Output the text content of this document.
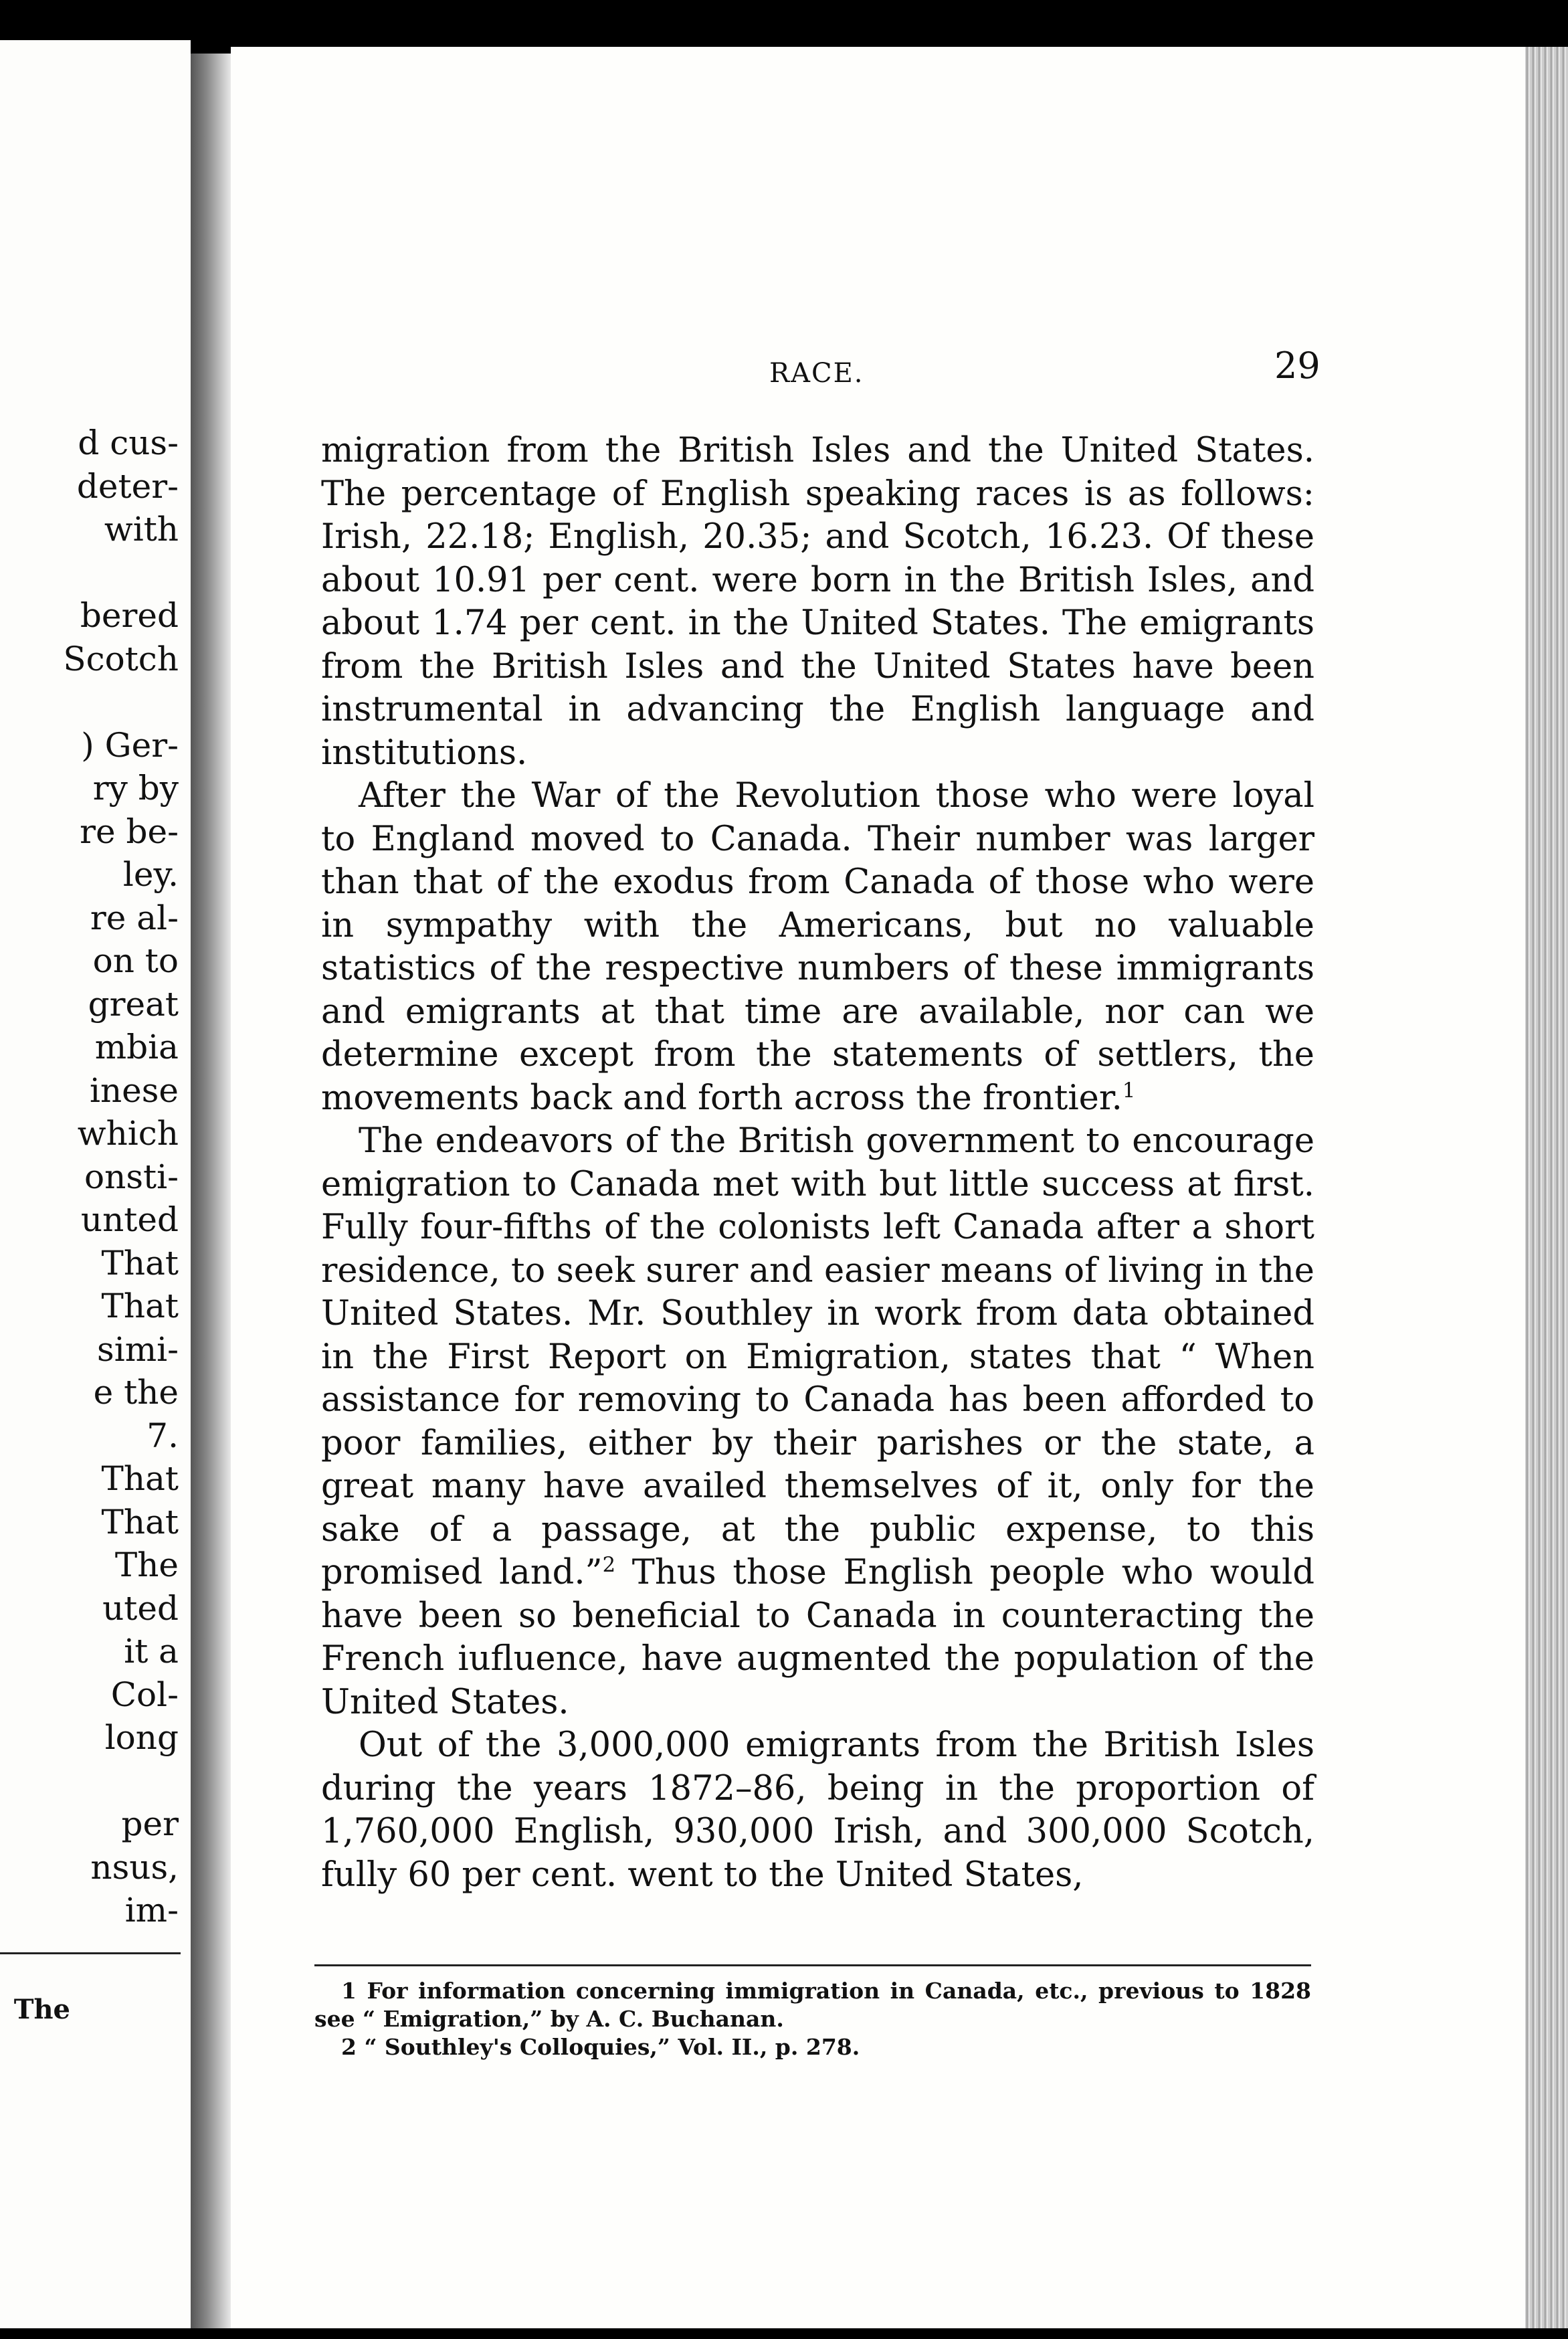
d cus-
deter-
with

bered
Scotch

) Ger-
ry by
re be-
ley.
re al-
on to
great
mbia
inese
which
onsti-
unted
That
That
simi-
e the
7.
That
That
The
uted
it a
Col-
long

per
nsus,
im-
The
RACE.	29

migration from the British Isles and the United States. The percentage of English speaking races is as follows: Irish, 22.18; English, 20.35; and Scotch, 16.23. Of these about 10.91 per cent. were born in the British Isles, and about 1.74 per cent. in the United States. The emigrants from the British Isles and the United States have been instrumental in advancing the English language and institutions.

After the War of the Revolution those who were loyal to England moved to Canada. Their number was larger than that of the exodus from Canada of those who were in sympathy with the Americans, but no valuable statistics of the respective numbers of these immigrants and emigrants at that time are available, nor can we determine except from the statements of settlers, the movements back and forth across the frontier.$^1$

The endeavors of the British government to encourage emigration to Canada met with but little success at first. Fully four-fifths of the colonists left Canada after a short residence, to seek surer and easier means of living in the United States. Mr. Southley in work from data obtained in the First Report on Emigration, states that “ When assistance for removing to Canada has been afforded to poor families, either by their parishes or the state, a great many have availed themselves of it, only for the sake of a passage, at the public expense, to this promised land.”$^2$ Thus those English people who would have been so beneficial to Canada in counteracting the French iufluence, have augmented the population of the United States.

Out of the 3,000,000 emigrants from the British Isles during the years 1872–86, being in the proportion of 1,760,000 English, 930,000 Irish, and 300,000 Scotch, fully 60 per cent. went to the United States,

1 For information concerning immigration in Canada, etc., previous to 1828 see “ Emigration,” by A. C. Buchanan.

2 “ Southley's Colloquies,” Vol. II., p. 278.
